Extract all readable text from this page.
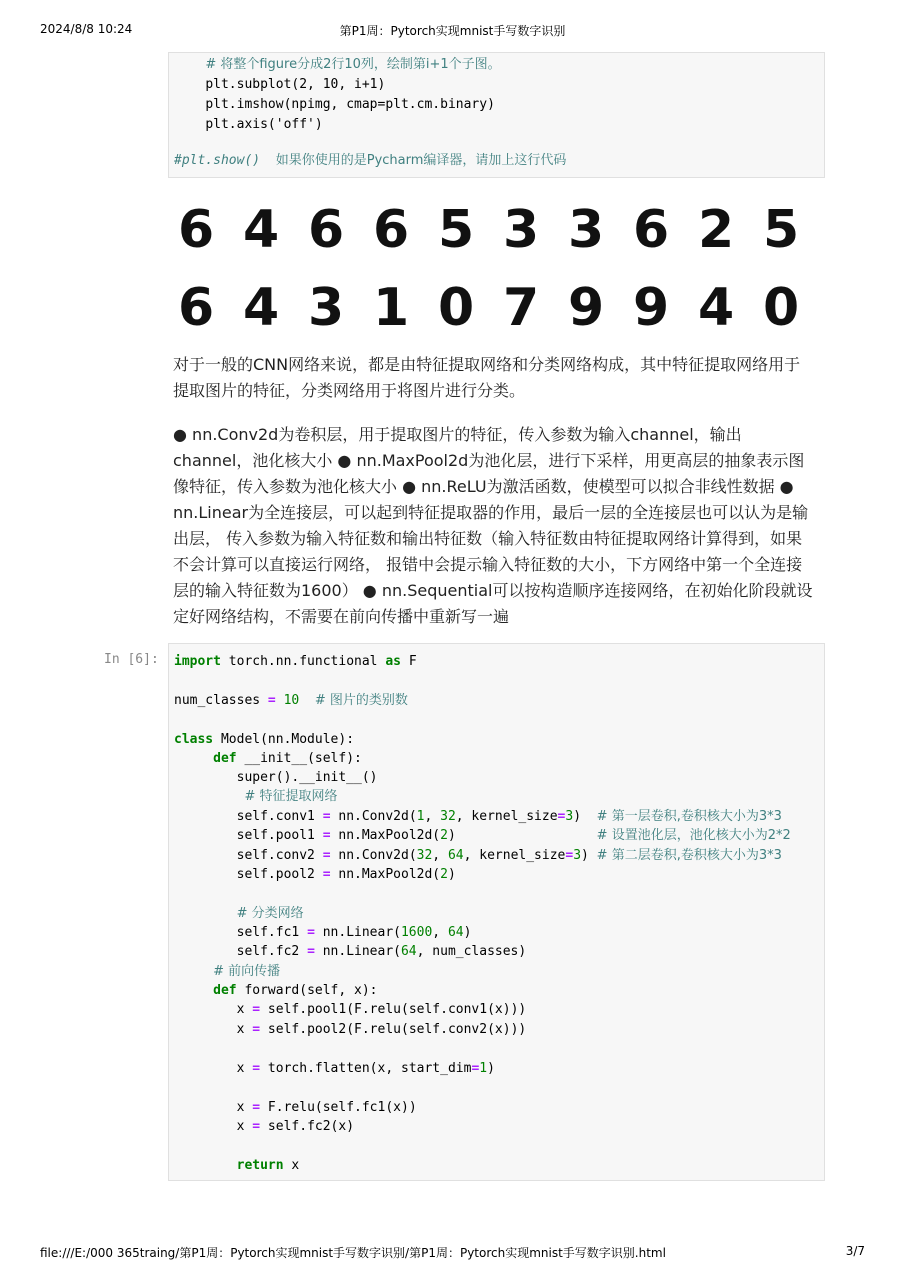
2024/8/8 10:24	第P1周：Pytorch实现mnist手写数字识别
# 将整个figure分成2行10列，绘制第i+1个子图。
plt.subplot(2, 10, i+1)
plt.imshow(npimg, cmap=plt.cm.binary)
plt.axis('off')
#plt.show() 如果你使用的是Pycharm编译器，请加上这行代码
6 4 6 6 5 3 3 6 2 5
6 4 3 1 0 7 9 9 4 0
对于一般的CNN网络来说，都是由特征提取网络和分类网络构成，其中特征提取网络用于提取图片的特征，分类网络用于将图片进行分类。
● nn.Conv2d为卷积层，用于提取图片的特征，传入参数为输入channel，输出channel，池化核大小 ● nn.MaxPool2d为池化层，进行下采样，用更高层的抽象表示图像特征，传入参数为池化核大小 ● nn.ReLU为激活函数，使模型可以拟合非线性数据 ● nn.Linear为全连接层，可以起到特征提取器的作用，最后一层的全连接层也可以认为是输出层， 传入参数为输入特征数和输出特征数（输入特征数由特征提取网络计算得到，如果不会计算可以直接运行网络， 报错中会提示输入特征数的大小，下方网络中第一个全连接层的输入特征数为1600） ● nn.Sequential可以按构造顺序连接网络，在初始化阶段就设定好网络结构，不需要在前向传播中重新写一遍
In [6]: import torch.nn.functional as F
num_classes = 10 # 图片的类别数
class Model(nn.Module):
def __init__(self):
super().__init__()
# 特征提取网络
self.conv1 = nn.Conv2d(1, 32, kernel_size=3)  # 第一层卷积,卷积核大小为3*3
self.pool1 = nn.MaxPool2d(2)                  # 设置池化层，池化核大小为2*2
self.conv2 = nn.Conv2d(32, 64, kernel_size=3) # 第二层卷积,卷积核大小为3*3
self.pool2 = nn.MaxPool2d(2)
# 分类网络
self.fc1 = nn.Linear(1600, 64)
self.fc2 = nn.Linear(64, num_classes)
# 前向传播
def forward(self, x):
x = self.pool1(F.relu(self.conv1(x)))
x = self.pool2(F.relu(self.conv2(x)))
x = torch.flatten(x, start_dim=1)
x = F.relu(self.fc1(x))
x = self.fc2(x)
return x
file:///E:/000 365traing/第P1周：Pytorch实现mnist手写数字识别/第P1周：Pytorch实现mnist手写数字识别.html	3/7
